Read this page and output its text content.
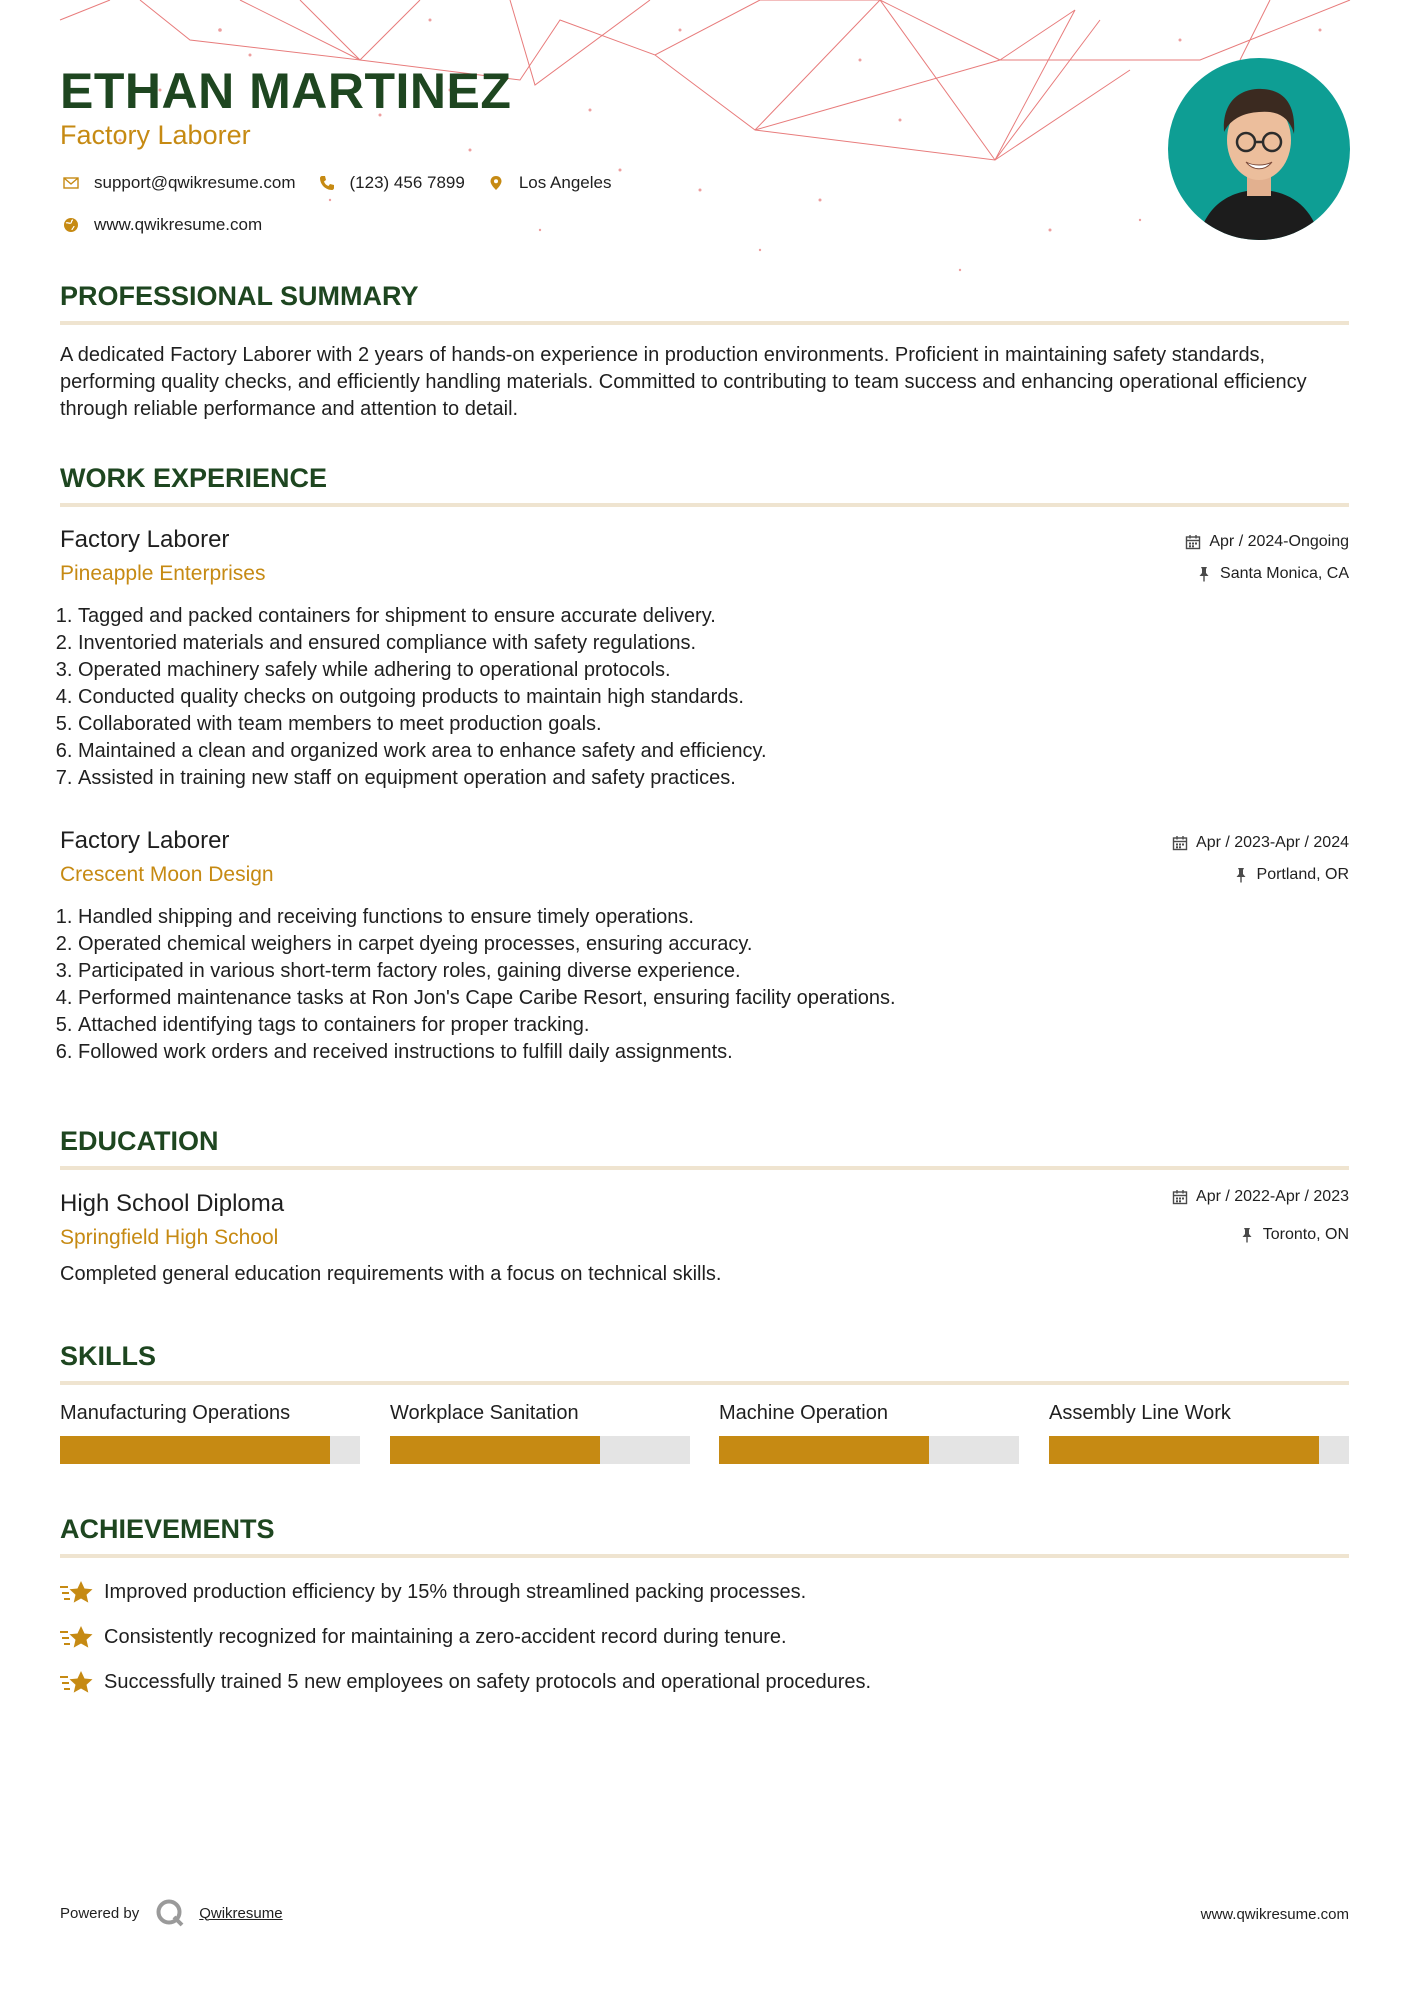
ETHAN MARTINEZ
Factory Laborer
support@qwikresume.com	(123) 456 7899	Los Angeles
www.qwikresume.com
PROFESSIONAL SUMMARY

A dedicated Factory Laborer with 2 years of hands-on experience in production environments. Proficient in maintaining safety standards, performing quality checks, and efficiently handling materials. Committed to contributing to team success and enhancing operational efficiency through reliable performance and attention to detail.

WORK EXPERIENCE
Factory Laborer
Pineapple Enterprises
Apr / 2024-Ongoing
Santa Monica, CA
1. Tagged and packed containers for shipment to ensure accurate delivery.
2. Inventoried materials and ensured compliance with safety regulations.
3. Operated machinery safely while adhering to operational protocols.
4. Conducted quality checks on outgoing products to maintain high standards.
5. Collaborated with team members to meet production goals.
6. Maintained a clean and organized work area to enhance safety and efficiency.
7. Assisted in training new staff on equipment operation and safety practices.
Factory Laborer
Crescent Moon Design
Apr / 2023-Apr / 2024
Portland, OR
1. Handled shipping and receiving functions to ensure timely operations.
2. Operated chemical weighers in carpet dyeing processes, ensuring accuracy.
3. Participated in various short-term factory roles, gaining diverse experience.
4. Performed maintenance tasks at Ron Jon's Cape Caribe Resort, ensuring facility operations.
5. Attached identifying tags to containers for proper tracking.
6. Followed work orders and received instructions to fulfill daily assignments.
EDUCATION
High School Diploma
Springfield High School
Apr / 2022-Apr / 2023
Toronto, ON
Completed general education requirements with a focus on technical skills.
SKILLS
Manufacturing Operations	Workplace Sanitation	Machine Operation	Assembly Line Work
ACHIEVEMENTS
Improved production efficiency by 15% through streamlined packing processes.
Consistently recognized for maintaining a zero-accident record during tenure.
Successfully trained 5 new employees on safety protocols and operational procedures.
Powered by	Qwikresume	www.qwikresume.com
